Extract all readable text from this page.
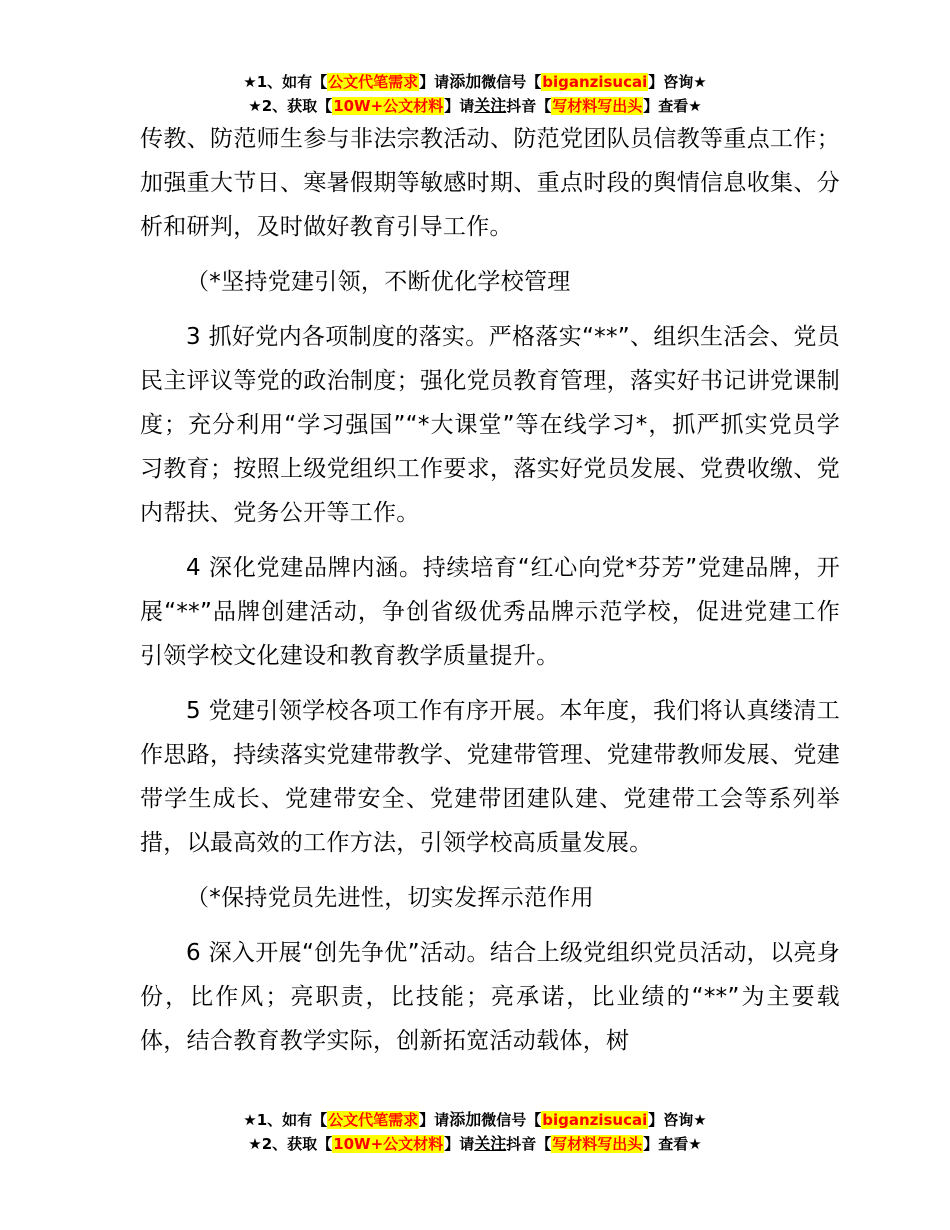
★1、如有【公文代笔需求】请添加微信号【biganzisucai】咨询★
★2、获取【10W+公文材料】请关注抖音【写材料写出头】查看★

传教、防范师生参与非法宗教活动、防范党团队员信教等重点工作；加强重大节日、寒暑假期等敏感时期、重点时段的舆情信息收集、分析和研判，及时做好教育引导工作。

（*坚持党建引领，不断优化学校管理

3 抓好党内各项制度的落实。严格落实“**”、组织生活会、党员民主评议等党的政治制度；强化党员教育管理，落实好书记讲党课制度；充分利用“学习强国”“*大课堂”等在线学习*，抓严抓实党员学习教育；按照上级党组织工作要求，落实好党员发展、党费收缴、党内帮扶、党务公开等工作。

4 深化党建品牌内涵。持续培育“红心向党*芬芳”党建品牌，开展“**”品牌创建活动，争创省级优秀品牌示范学校，促进党建工作引领学校文化建设和教育教学质量提升。

5 党建引领学校各项工作有序开展。本年度，我们将认真缕清工作思路，持续落实党建带教学、党建带管理、党建带教师发展、党建带学生成长、党建带安全、党建带团建队建、党建带工会等系列举措，以最高效的工作方法，引领学校高质量发展。

（*保持党员先进性，切实发挥示范作用

6 深入开展“创先争优”活动。结合上级党组织党员活动，以亮身份，比作风；亮职责，比技能；亮承诺，比业绩的“**”为主要载体，结合教育教学实际，创新拓宽活动载体，树

★1、如有【公文代笔需求】请添加微信号【biganzisucai】咨询★
★2、获取【10W+公文材料】请关注抖音【写材料写出头】查看★
